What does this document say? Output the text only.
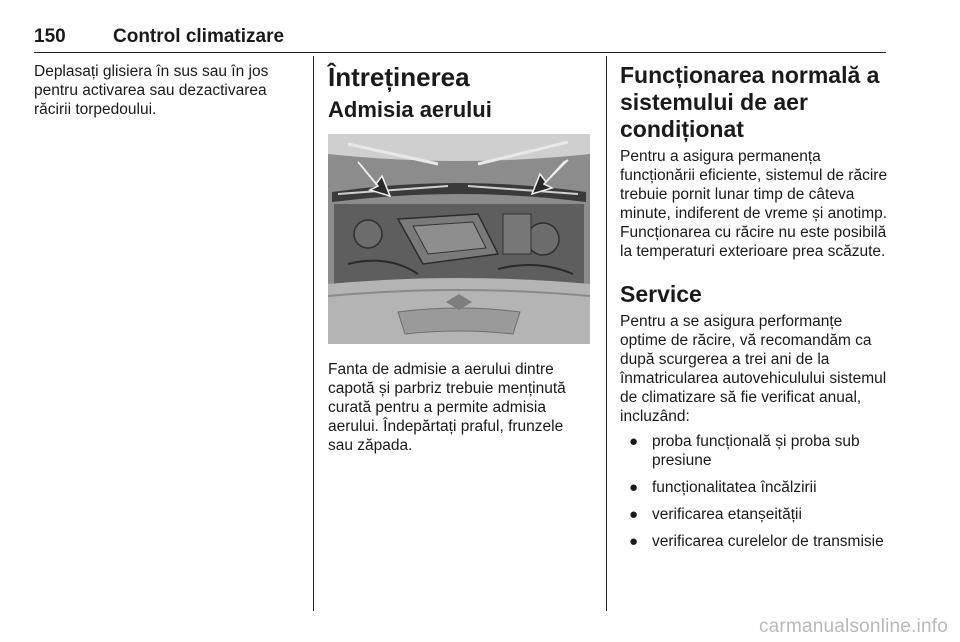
150 Control climatizare

Deplasați glisiera în sus sau în jos pentru activarea sau dezactivarea răcirii torpedoului.

Întreținerea
Admisia aerului

Fanta de admisie a aerului dintre capotă și parbriz trebuie menținută curată pentru a permite admisia aerului. Îndepărtați praful, frunzele sau zăpada.

Funcționarea normală a sistemului de aer condiționat

Pentru a asigura permanența funcționării eficiente, sistemul de răcire trebuie pornit lunar timp de câteva minute, indiferent de vreme și anotimp. Funcționarea cu răcire nu este posibilă la temperaturi exterioare prea scăzute.

Service

Pentru a se asigura performanțe optime de răcire, vă recomandăm ca după scurgerea a trei ani de la înmatricularea autovehiculului sistemul de climatizare să fie verificat anual, incluzând:

● proba funcțională și proba sub presiune
● funcționalitatea încălzirii
● verificarea etanșeității
● verificarea curelelor de transmisie
carmanualsonline.info
